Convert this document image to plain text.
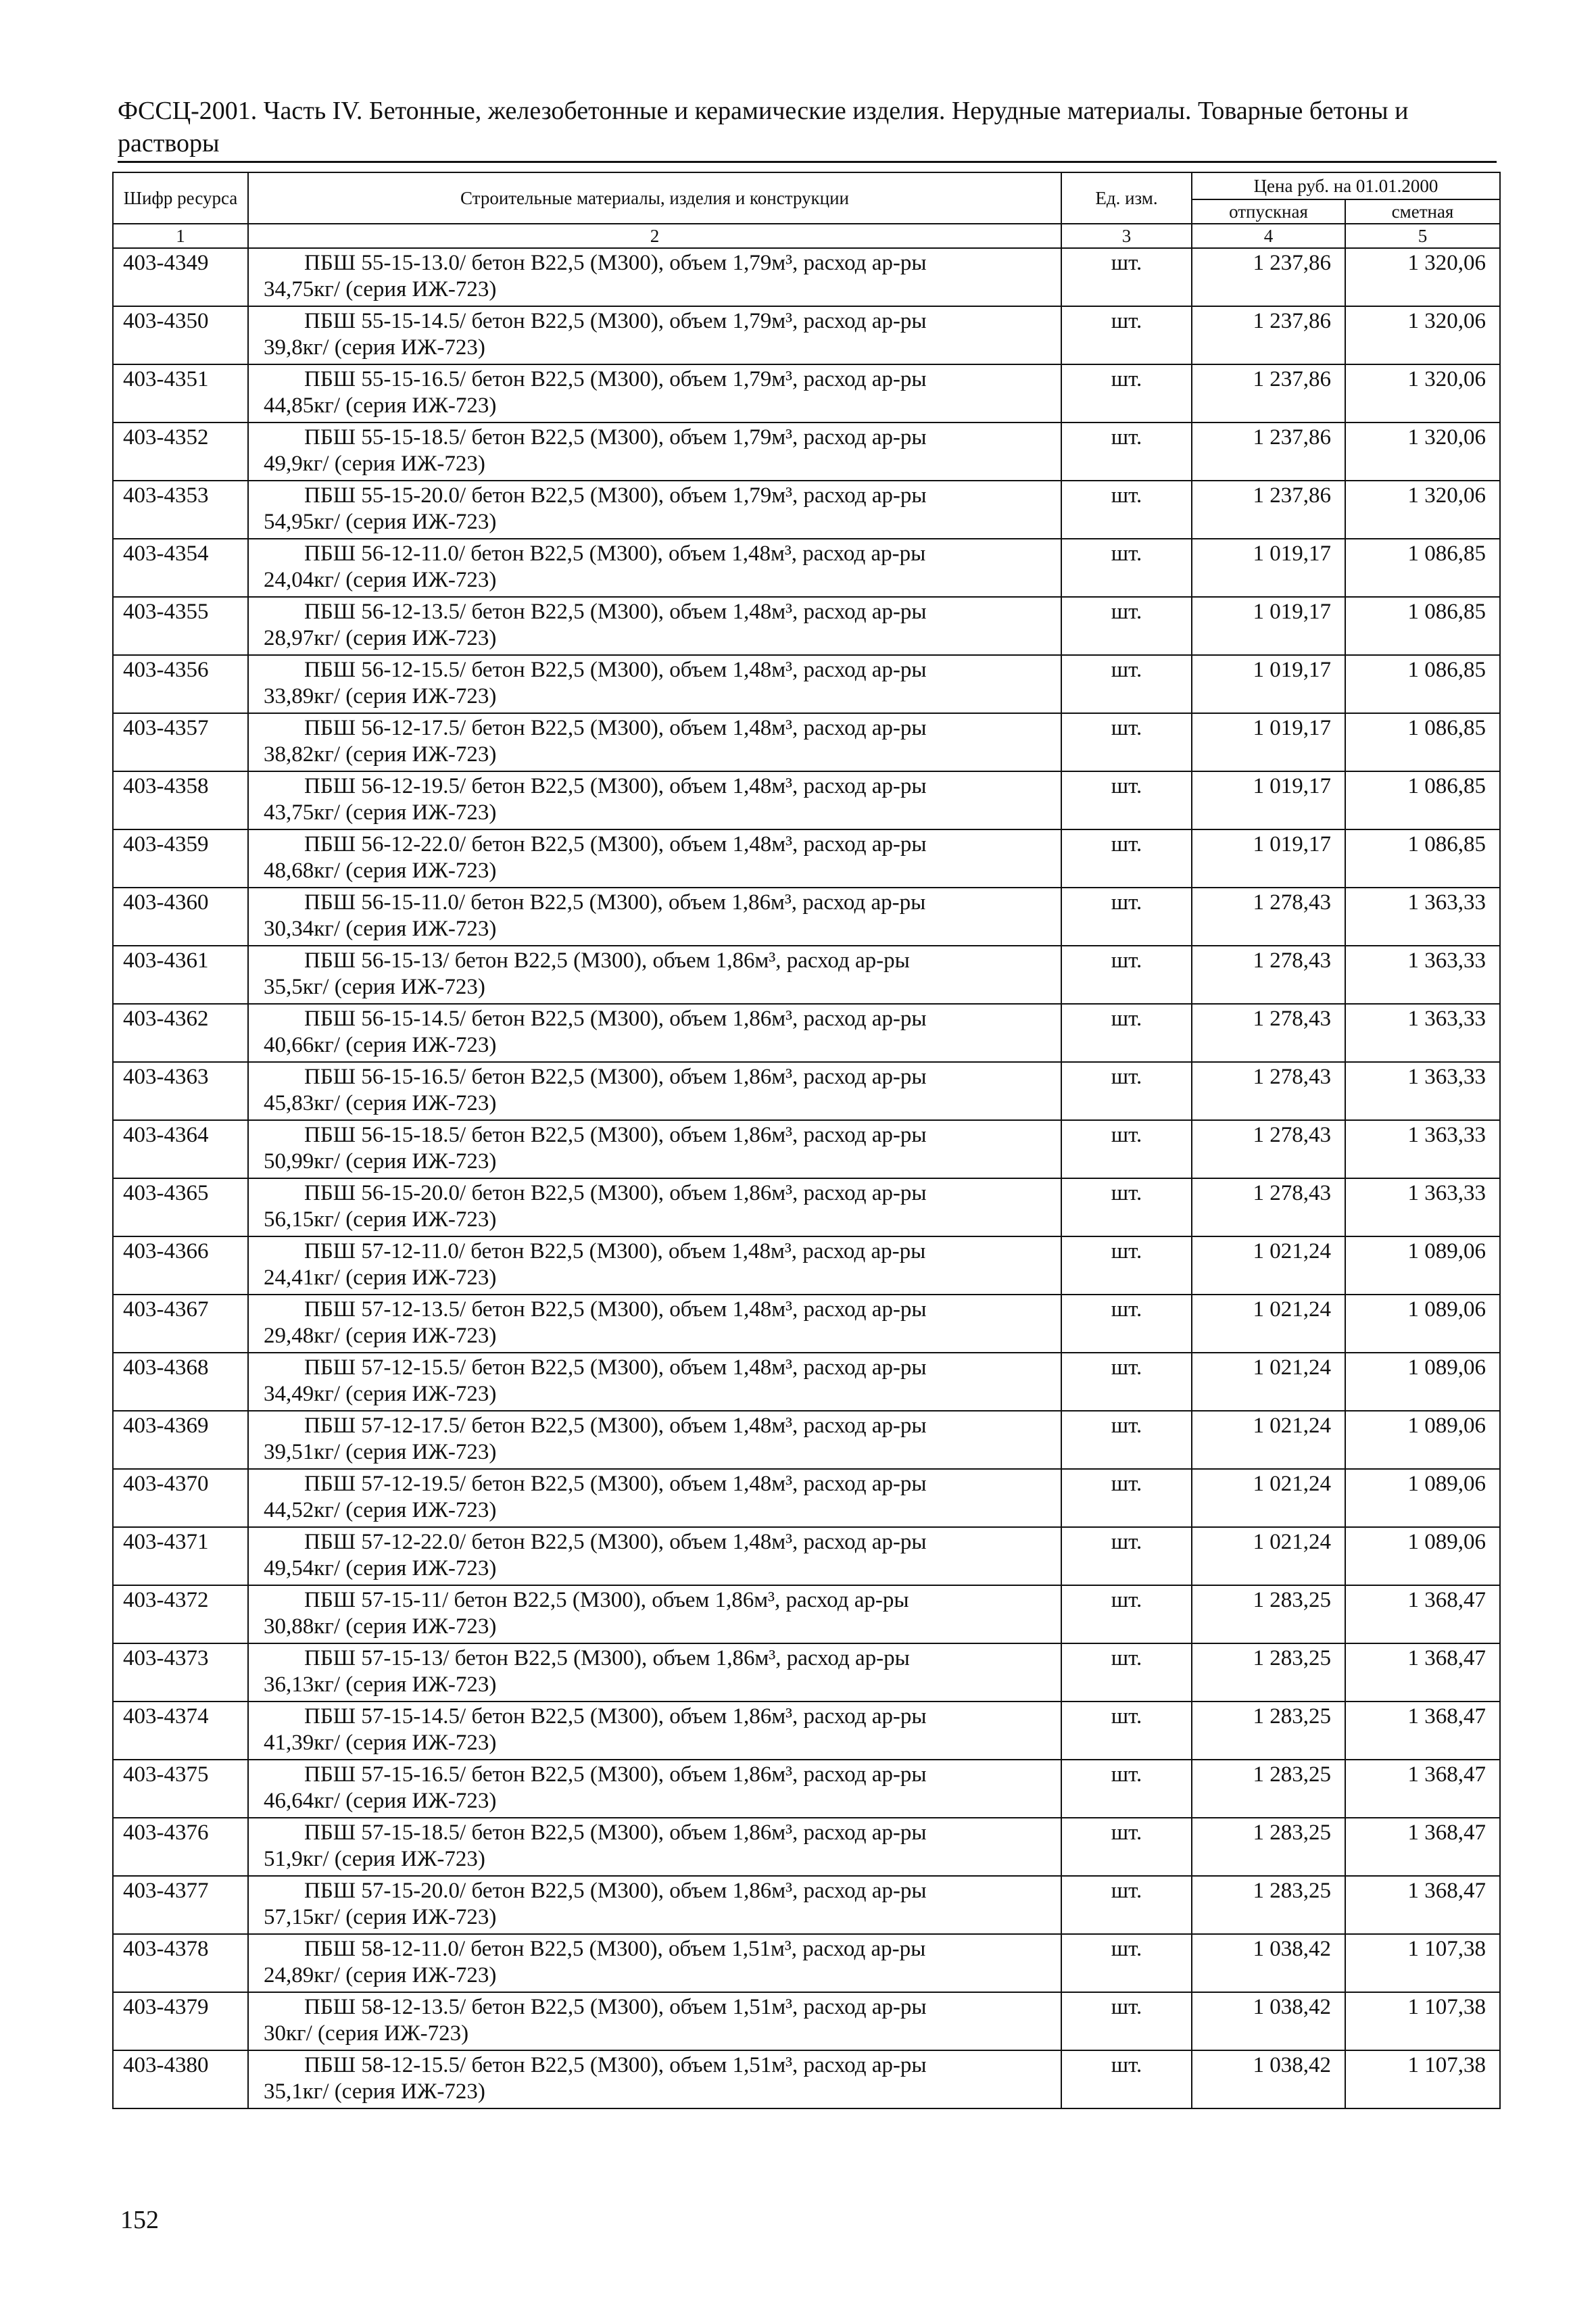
ФССЦ-2001. Часть IV. Бетонные, железобетонные и керамические изделия. Нерудные материалы. Товарные бетоны и растворы
Шифр ресурса	Строительные материалы, изделия и конструкции	Ед. изм.	Цена руб. на 01.01.2000	
			отпускная	сметная
1	2	3	4	5
403-4349	ПБШ 55-15-13.0/ бетон В22,5 (М300), объем 1,79м³, расход ар-ры
34,75кг/ (серия ИЖ-723)	шт.	1 237,86	1 320,06
403-4350	ПБШ 55-15-14.5/ бетон В22,5 (М300), объем 1,79м³, расход ар-ры
39,8кг/ (серия ИЖ-723)	шт.	1 237,86	1 320,06
403-4351	ПБШ 55-15-16.5/ бетон В22,5 (М300), объем 1,79м³, расход ар-ры
44,85кг/ (серия ИЖ-723)	шт.	1 237,86	1 320,06
403-4352	ПБШ 55-15-18.5/ бетон В22,5 (М300), объем 1,79м³, расход ар-ры
49,9кг/ (серия ИЖ-723)	шт.	1 237,86	1 320,06
403-4353	ПБШ 55-15-20.0/ бетон В22,5 (М300), объем 1,79м³, расход ар-ры
54,95кг/ (серия ИЖ-723)	шт.	1 237,86	1 320,06
403-4354	ПБШ 56-12-11.0/ бетон В22,5 (М300), объем 1,48м³, расход ар-ры
24,04кг/ (серия ИЖ-723)	шт.	1 019,17	1 086,85
403-4355	ПБШ 56-12-13.5/ бетон В22,5 (М300), объем 1,48м³, расход ар-ры
28,97кг/ (серия ИЖ-723)	шт.	1 019,17	1 086,85
403-4356	ПБШ 56-12-15.5/ бетон В22,5 (М300), объем 1,48м³, расход ар-ры
33,89кг/ (серия ИЖ-723)	шт.	1 019,17	1 086,85
403-4357	ПБШ 56-12-17.5/ бетон В22,5 (М300), объем 1,48м³, расход ар-ры
38,82кг/ (серия ИЖ-723)	шт.	1 019,17	1 086,85
403-4358	ПБШ 56-12-19.5/ бетон В22,5 (М300), объем 1,48м³, расход ар-ры
43,75кг/ (серия ИЖ-723)	шт.	1 019,17	1 086,85
403-4359	ПБШ 56-12-22.0/ бетон В22,5 (М300), объем 1,48м³, расход ар-ры
48,68кг/ (серия ИЖ-723)	шт.	1 019,17	1 086,85
403-4360	ПБШ 56-15-11.0/ бетон В22,5 (М300), объем 1,86м³, расход ар-ры
30,34кг/ (серия ИЖ-723)	шт.	1 278,43	1 363,33
403-4361	ПБШ 56-15-13/ бетон В22,5 (М300), объем 1,86м³, расход ар-ры
35,5кг/ (серия ИЖ-723)	шт.	1 278,43	1 363,33
403-4362	ПБШ 56-15-14.5/ бетон В22,5 (М300), объем 1,86м³, расход ар-ры
40,66кг/ (серия ИЖ-723)	шт.	1 278,43	1 363,33
403-4363	ПБШ 56-15-16.5/ бетон В22,5 (М300), объем 1,86м³, расход ар-ры
45,83кг/ (серия ИЖ-723)	шт.	1 278,43	1 363,33
403-4364	ПБШ 56-15-18.5/ бетон В22,5 (М300), объем 1,86м³, расход ар-ры
50,99кг/ (серия ИЖ-723)	шт.	1 278,43	1 363,33
403-4365	ПБШ 56-15-20.0/ бетон В22,5 (М300), объем 1,86м³, расход ар-ры
56,15кг/ (серия ИЖ-723)	шт.	1 278,43	1 363,33
403-4366	ПБШ 57-12-11.0/ бетон В22,5 (М300), объем 1,48м³, расход ар-ры
24,41кг/ (серия ИЖ-723)	шт.	1 021,24	1 089,06
403-4367	ПБШ 57-12-13.5/ бетон В22,5 (М300), объем 1,48м³, расход ар-ры
29,48кг/ (серия ИЖ-723)	шт.	1 021,24	1 089,06
403-4368	ПБШ 57-12-15.5/ бетон В22,5 (М300), объем 1,48м³, расход ар-ры
34,49кг/ (серия ИЖ-723)	шт.	1 021,24	1 089,06
403-4369	ПБШ 57-12-17.5/ бетон В22,5 (М300), объем 1,48м³, расход ар-ры
39,51кг/ (серия ИЖ-723)	шт.	1 021,24	1 089,06
403-4370	ПБШ 57-12-19.5/ бетон В22,5 (М300), объем 1,48м³, расход ар-ры
44,52кг/ (серия ИЖ-723)	шт.	1 021,24	1 089,06
403-4371	ПБШ 57-12-22.0/ бетон В22,5 (М300), объем 1,48м³, расход ар-ры
49,54кг/ (серия ИЖ-723)	шт.	1 021,24	1 089,06
403-4372	ПБШ 57-15-11/ бетон В22,5 (М300), объем 1,86м³, расход ар-ры
30,88кг/ (серия ИЖ-723)	шт.	1 283,25	1 368,47
403-4373	ПБШ 57-15-13/ бетон В22,5 (М300), объем 1,86м³, расход ар-ры
36,13кг/ (серия ИЖ-723)	шт.	1 283,25	1 368,47
403-4374	ПБШ 57-15-14.5/ бетон В22,5 (М300), объем 1,86м³, расход ар-ры
41,39кг/ (серия ИЖ-723)	шт.	1 283,25	1 368,47
403-4375	ПБШ 57-15-16.5/ бетон В22,5 (М300), объем 1,86м³, расход ар-ры
46,64кг/ (серия ИЖ-723)	шт.	1 283,25	1 368,47
403-4376	ПБШ 57-15-18.5/ бетон В22,5 (М300), объем 1,86м³, расход ар-ры
51,9кг/ (серия ИЖ-723)	шт.	1 283,25	1 368,47
403-4377	ПБШ 57-15-20.0/ бетон В22,5 (М300), объем 1,86м³, расход ар-ры
57,15кг/ (серия ИЖ-723)	шт.	1 283,25	1 368,47
403-4378	ПБШ 58-12-11.0/ бетон В22,5 (М300), объем 1,51м³, расход ар-ры
24,89кг/ (серия ИЖ-723)	шт.	1 038,42	1 107,38
403-4379	ПБШ 58-12-13.5/ бетон В22,5 (М300), объем 1,51м³, расход ар-ры
30кг/ (серия ИЖ-723)	шт.	1 038,42	1 107,38
403-4380	ПБШ 58-12-15.5/ бетон В22,5 (М300), объем 1,51м³, расход ар-ры
35,1кг/ (серия ИЖ-723)	шт.	1 038,42	1 107,38
152
